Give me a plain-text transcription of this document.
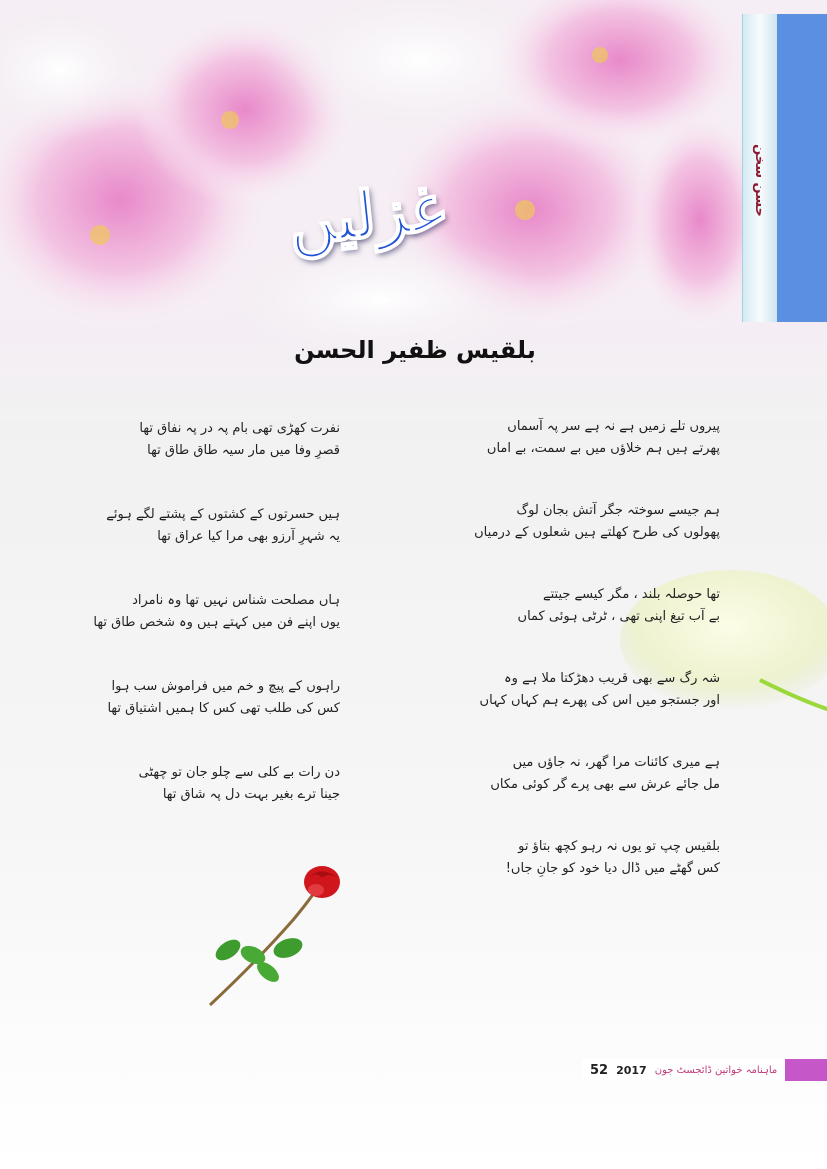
حسن سخن
غزلیں
بلقیس ظفیر الحسن
پیروں تلے زمیں ہے نہ ہے سر پہ آسماں
پھرتے ہیں ہم خلاؤں میں بے سمت، بے اماں
ہم جیسے سوختہ جگر آتش بجان لوگ
پھولوں کی طرح کھلتے ہیں شعلوں کے درمیاں
تھا حوصلہ بلند ، مگر کیسے جیتتے
بے آب تیغ اپنی تھی ، ٹرٹی ہوئی کماں
شہ رگ سے بھی قریب دھڑکتا ملا ہے وہ
اور جستجو میں اس کی پھرے ہم کہاں کہاں
ہے میری کائنات مرا گھر، نہ جاؤں میں
مل جائے عرش سے بھی پرے گر کوئی مکاں
بلقیس چپ تو یوں نہ رہو کچھ بتاؤ تو
کس گھٹے میں ڈال دیا خود کو جانِ جاں!
نفرت کھڑی تھی بام پہ در پہ نفاق تھا
قصرِ وفا میں مار سیہ طاق طاق تھا
ہیں حسرتوں کے کشتوں کے پشتے لگے ہوئے
یہ شہرِ آرزو بھی مرا کیا عراق تھا
ہاں مصلحت شناس نہیں تھا وہ نامراد
یوں اپنے فن میں کہتے ہیں وہ شخص طاق تھا
راہوں کے پیچ و خم میں فراموش سب ہوا
کس کی طلب تھی کس کا ہمیں اشتیاق تھا
دن رات بے کلی سے چلو جان تو چھٹی
جینا ترے بغیر بہت دل پہ شاق تھا
52 2017 ماہنامہ خواتین ڈائجسٹ جون
